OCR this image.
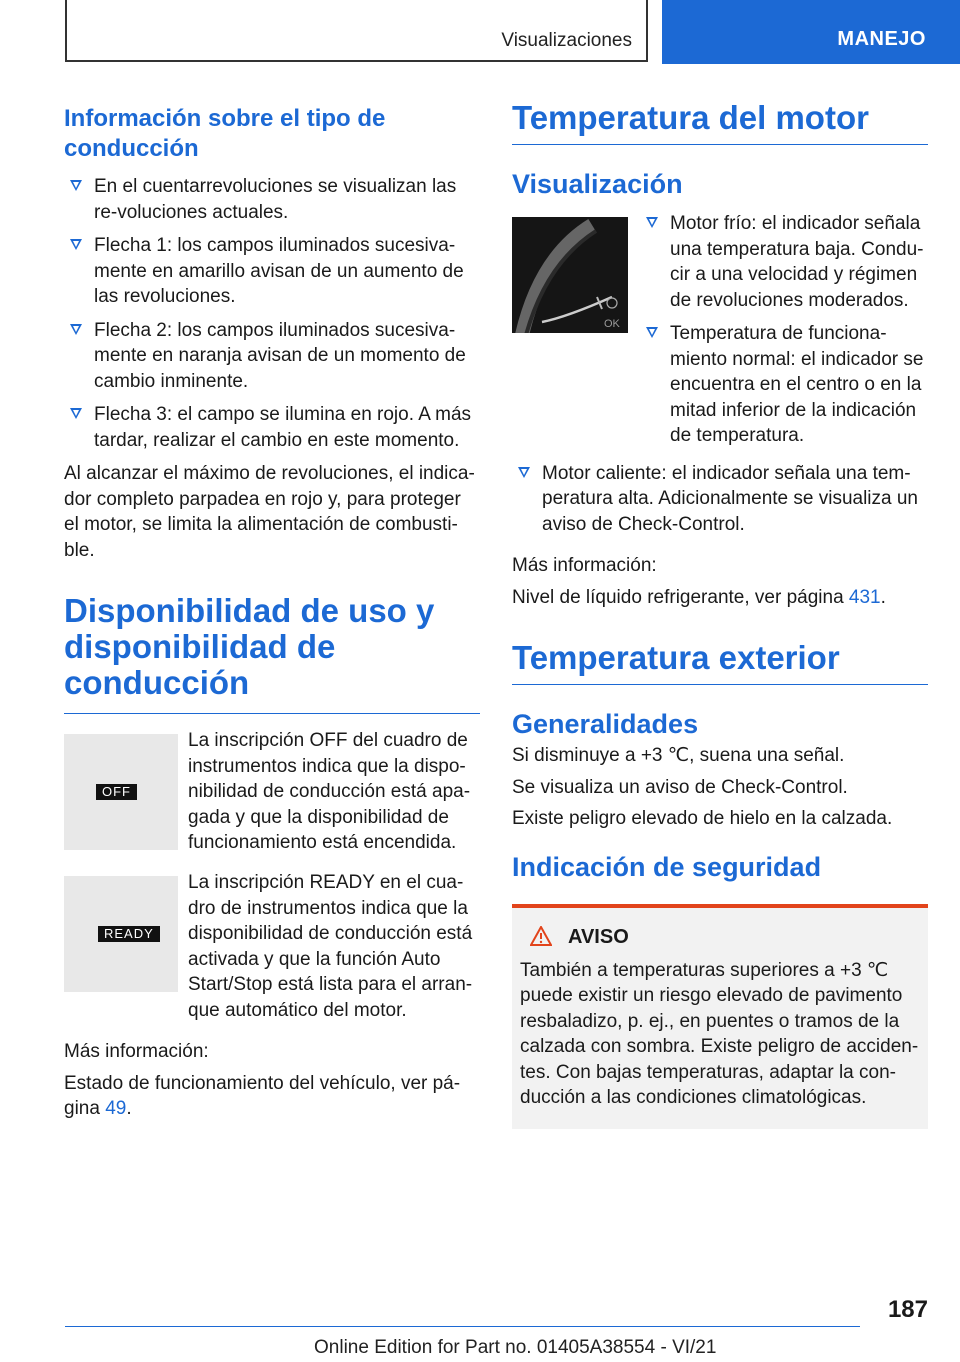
Visualizaciones	MANEJO
Información sobre el tipo de conducción
En el cuentarrevoluciones se visualizan las re-voluciones actuales.
Flecha 1: los campos iluminados sucesiva-mente en amarillo avisan de un aumento de las revoluciones.
Flecha 2: los campos iluminados sucesiva-mente en naranja avisan de un momento de cambio inminente.
Flecha 3: el campo se ilumina en rojo. A más tardar, realizar el cambio en este momento.

Al alcanzar el máximo de revoluciones, el indica-dor completo parpadea en rojo y, para proteger el motor, se limita la alimentación de combusti-ble.

Disponibilidad de uso y disponibilidad de conducción
OFF

La inscripción OFF del cuadro de instrumentos indica que la dispo-nibilidad de conducción está apa-gada y que la disponibilidad de funcionamiento está encendida.

READY

La inscripción READY en el cua-dro de instrumentos indica que la disponibilidad de conducción está activada y que la función Auto Start/Stop está lista para el arran-que automático del motor.

Más información:

Estado de funcionamiento del vehículo, ver pá-gina 49.

Temperatura del motor
Visualización
OK
Motor frío: el indicador señala una temperatura baja. Condu-cir a una velocidad y régimen de revoluciones moderados.
Temperatura de funciona-miento normal: el indicador se encuentra en el centro o en la mitad inferior de la indicación de temperatura.
Motor caliente: el indicador señala una tem-peratura alta. Adicionalmente se visualiza un aviso de Check-Control.

Más información:

Nivel de líquido refrigerante, ver página 431.

Temperatura exterior
Generalidades

Si disminuye a +3 ℃, suena una señal.

Se visualiza un aviso de Check-Control.

Existe peligro elevado de hielo en la calzada.

Indicación de seguridad
AVISO

También a temperaturas superiores a +3 ℃ puede existir un riesgo elevado de pavimento resbaladizo, p. ej., en puentes o tramos de la calzada con sombra. Existe peligro de acciden-tes. Con bajas temperaturas, adaptar la con-ducción a las condiciones climatológicas.

187
Online Edition for Part no. 01405A38554 - VI/21
